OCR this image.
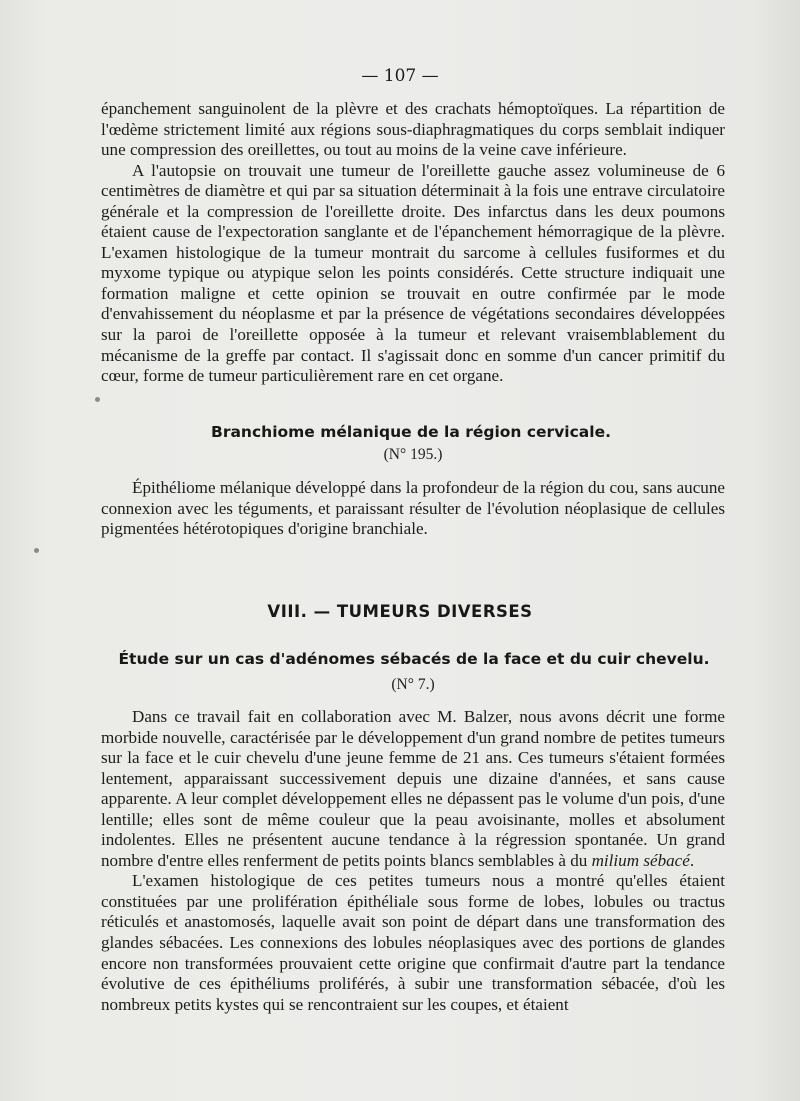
— 107 —

épanchement sanguinolent de la plèvre et des crachats hémoptoïques. La répartition de l'œdème strictement limité aux régions sous-diaphragmatiques du corps semblait indiquer une compression des oreillettes, ou tout au moins de la veine cave inférieure.

A l'autopsie on trouvait une tumeur de l'oreillette gauche assez volumineuse de 6 centimètres de diamètre et qui par sa situation déterminait à la fois une entrave circulatoire générale et la compression de l'oreillette droite. Des infarctus dans les deux poumons étaient cause de l'expectoration sanglante et de l'épanchement hémorragique de la plèvre. L'examen histologique de la tumeur montrait du sarcome à cellules fusiformes et du myxome typique ou atypique selon les points considérés. Cette structure indiquait une formation maligne et cette opinion se trouvait en outre confirmée par le mode d'envahissement du néoplasme et par la présence de végétations secondaires développées sur la paroi de l'oreillette opposée à la tumeur et relevant vraisemblablement du mécanisme de la greffe par contact. Il s'agissait donc en somme d'un cancer primitif du cœur, forme de tumeur particulièrement rare en cet organe.

Branchiome mélanique de la région cervicale.
(N° 195.)

Épithéliome mélanique développé dans la profondeur de la région du cou, sans aucune connexion avec les téguments, et paraissant résulter de l'évolution néoplasique de cellules pigmentées hétérotopiques d'origine branchiale.

VIII. — TUMEURS DIVERSES
Étude sur un cas d'adénomes sébacés de la face et du cuir chevelu.
(N° 7.)

Dans ce travail fait en collaboration avec M. Balzer, nous avons décrit une forme morbide nouvelle, caractérisée par le développement d'un grand nombre de petites tumeurs sur la face et le cuir chevelu d'une jeune femme de 21 ans. Ces tumeurs s'étaient formées lentement, apparaissant successivement depuis une dizaine d'années, et sans cause apparente. A leur complet développement elles ne dépassent pas le volume d'un pois, d'une lentille; elles sont de même couleur que la peau avoisinante, molles et absolument indolentes. Elles ne présentent aucune tendance à la régression spontanée. Un grand nombre d'entre elles renferment de petits points blancs semblables à du milium sébacé.

L'examen histologique de ces petites tumeurs nous a montré qu'elles étaient constituées par une prolifération épithéliale sous forme de lobes, lobules ou tractus réticulés et anastomosés, laquelle avait son point de départ dans une transformation des glandes sébacées. Les connexions des lobules néoplasiques avec des portions de glandes encore non transformées prouvaient cette origine que confirmait d'autre part la tendance évolutive de ces épithéliums proliférés, à subir une transformation sébacée, d'où les nombreux petits kystes qui se rencontraient sur les coupes, et étaient
